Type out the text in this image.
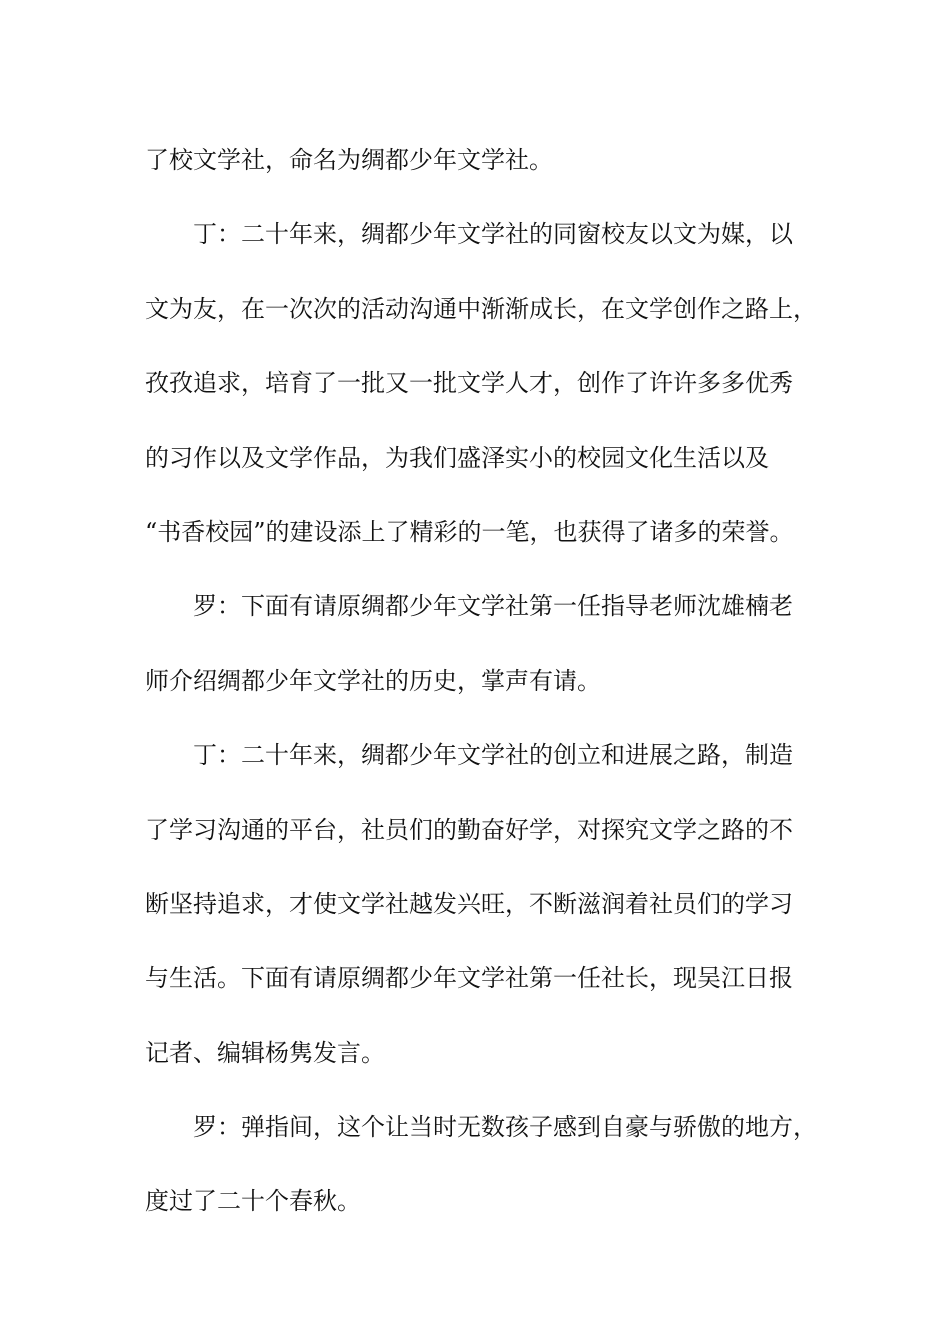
了校文学社，命名为绸都少年文学社。
丁：二十年来，绸都少年文学社的同窗校友以文为媒，以
文为友，在一次次的活动沟通中渐渐成长，在文学创作之路上，
孜孜追求，培育了一批又一批文学人才，创作了许许多多优秀
的习作以及文学作品，为我们盛泽实小的校园文化生活以及
“书香校园”的建设添上了精彩的一笔，也获得了诸多的荣誉。
罗：下面有请原绸都少年文学社第一任指导老师沈雄楠老
师介绍绸都少年文学社的历史，掌声有请。
丁：二十年来，绸都少年文学社的创立和进展之路，制造
了学习沟通的平台，社员们的勤奋好学，对探究文学之路的不
断坚持追求，才使文学社越发兴旺，不断滋润着社员们的学习
与生活。下面有请原绸都少年文学社第一任社长，现吴江日报
记者、编辑杨隽发言。
罗：弹指间，这个让当时无数孩子感到自豪与骄傲的地方，
度过了二十个春秋。
